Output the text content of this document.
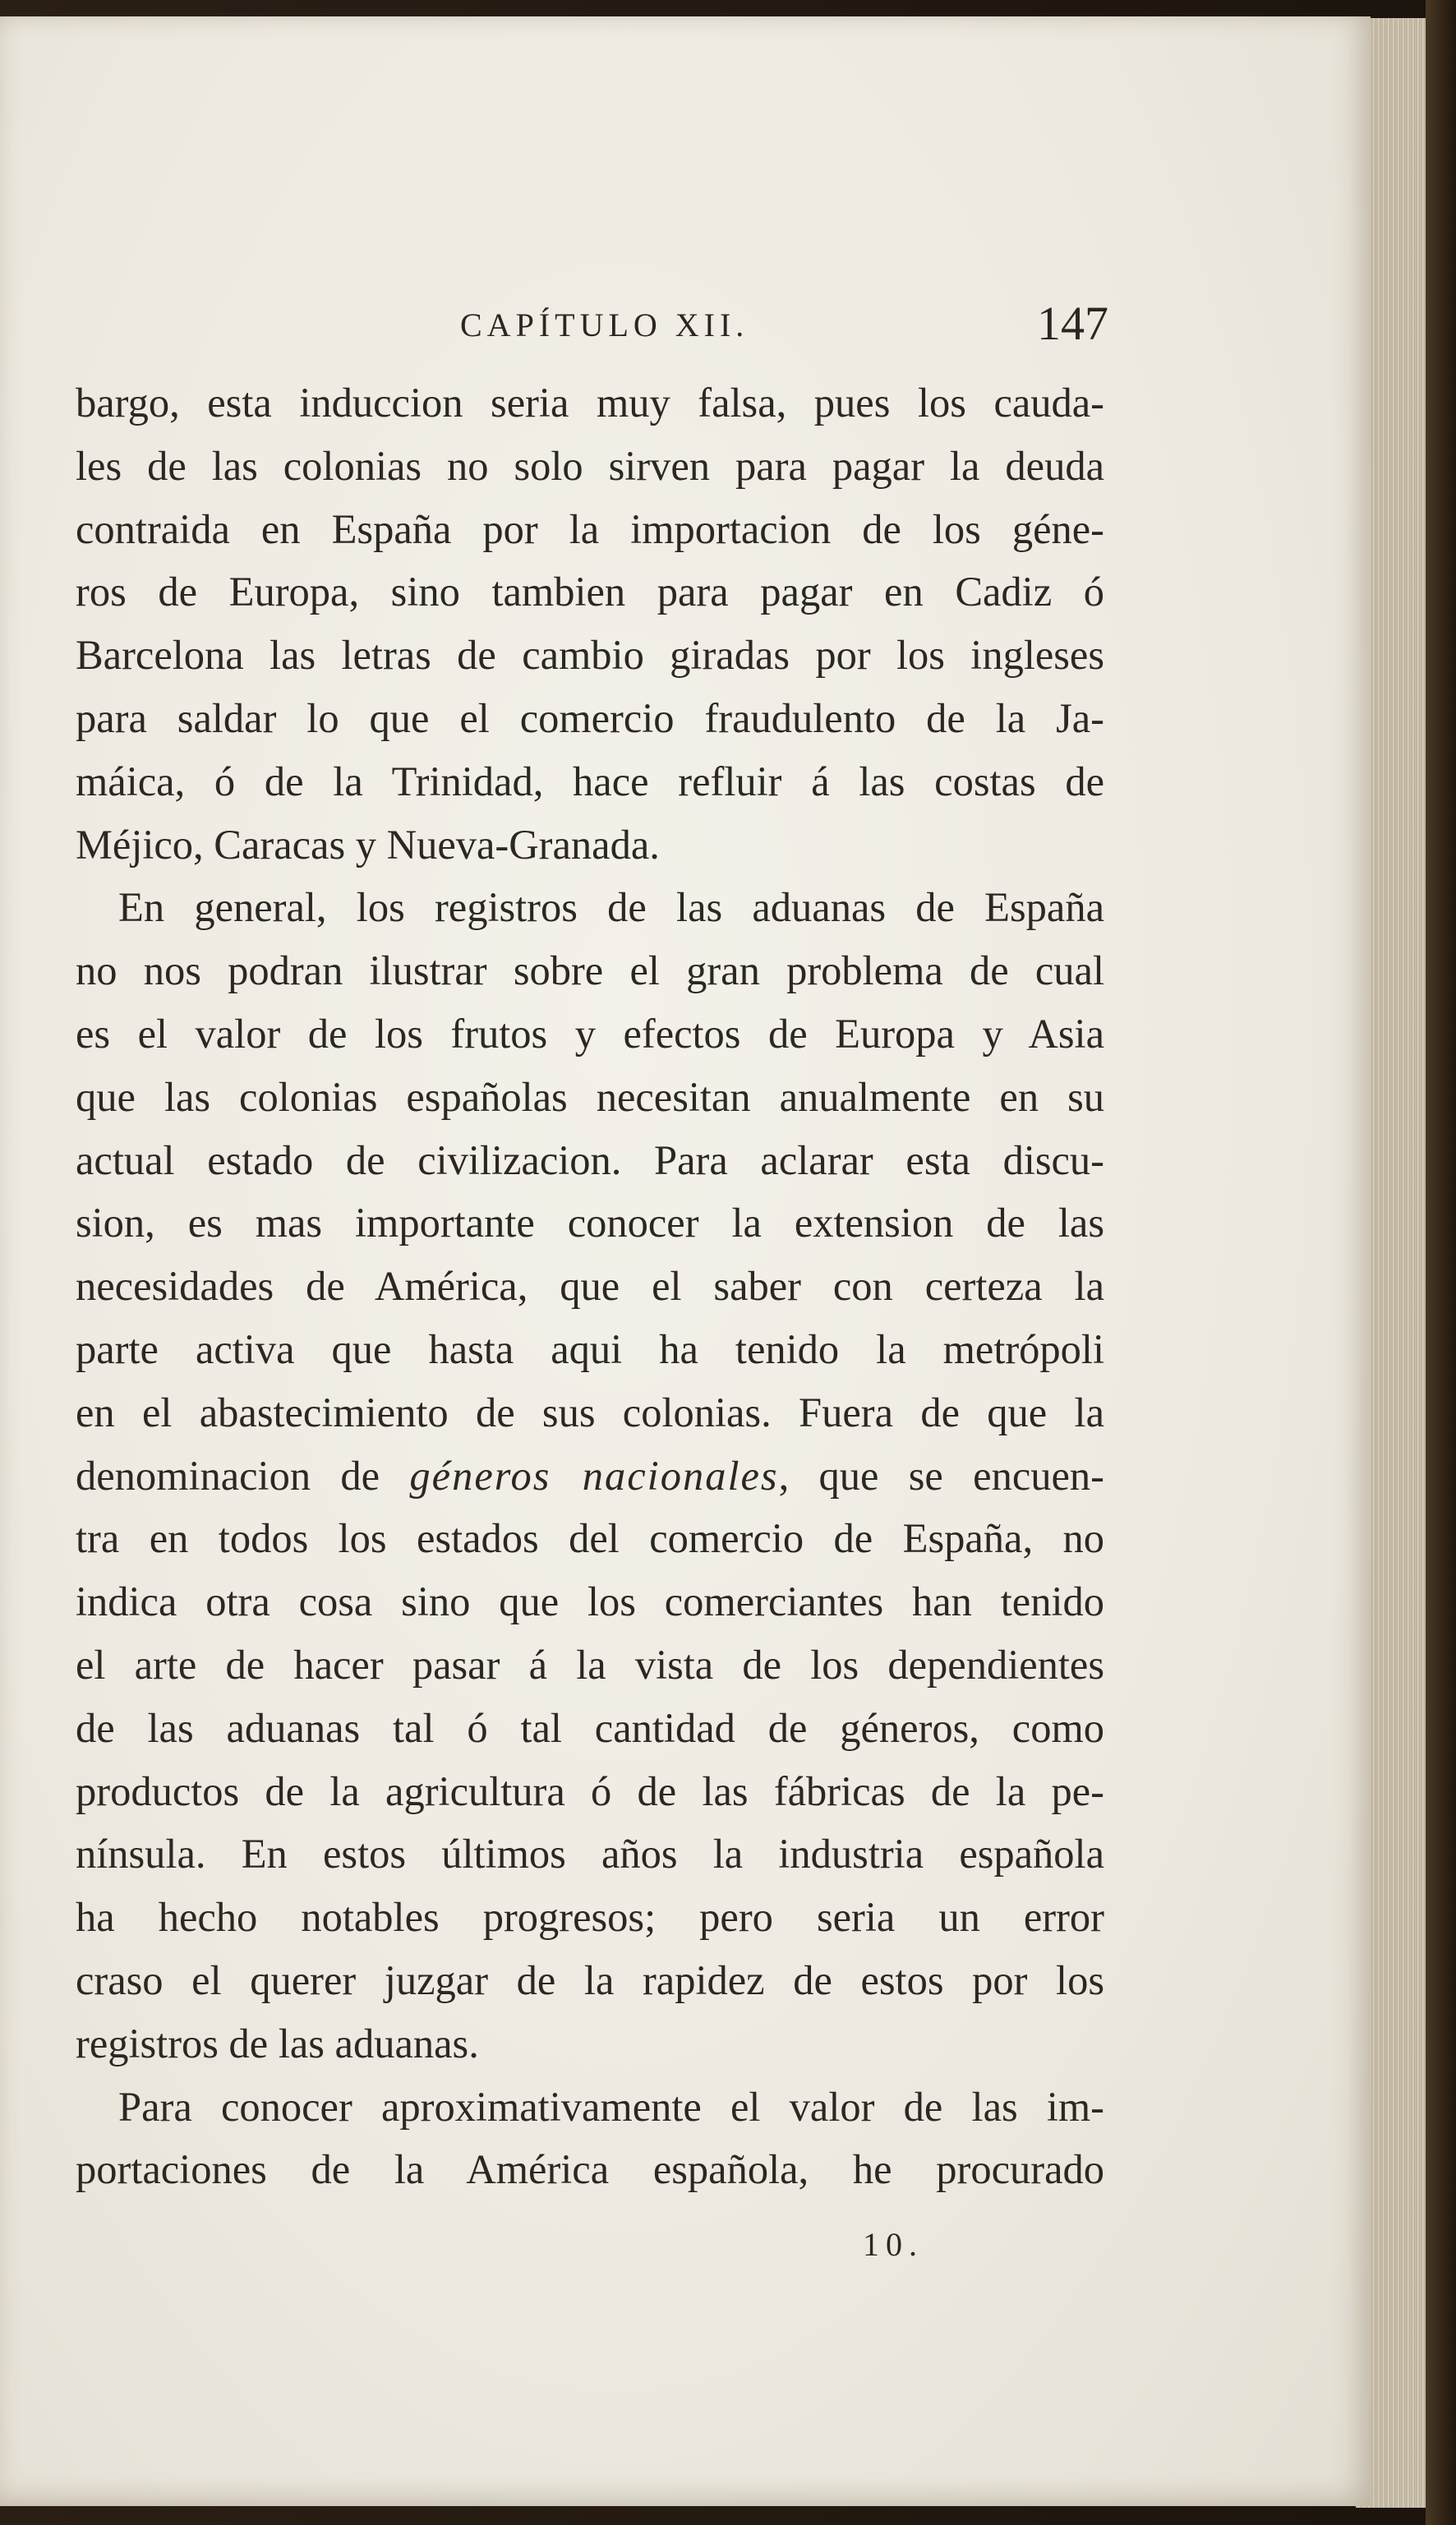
CAPÍTULO XII.	147
bargo, esta induccion seria muy falsa, pues los cauda-
les de las colonias no solo sirven para pagar la deuda
contraida en España por la importacion de los géne-
ros de Europa, sino tambien para pagar en Cadiz ó
Barcelona las letras de cambio giradas por los ingleses
para saldar lo que el comercio fraudulento de la Ja-
máica, ó de la Trinidad, hace refluir á las costas de
Méjico, Caracas y Nueva-Granada.
En general, los registros de las aduanas de España
no nos podran ilustrar sobre el gran problema de cual
es el valor de los frutos y efectos de Europa y Asia
que las colonias españolas necesitan anualmente en su
actual estado de civilizacion. Para aclarar esta discu-
sion, es mas importante conocer la extension de las
necesidades de América, que el saber con certeza la
parte activa que hasta aqui ha tenido la metrópoli
en el abastecimiento de sus colonias. Fuera de que la
denominacion de géneros nacionales, que se encuen-
tra en todos los estados del comercio de España, no
indica otra cosa sino que los comerciantes han tenido
el arte de hacer pasar á la vista de los dependientes
de las aduanas tal ó tal cantidad de géneros, como
productos de la agricultura ó de las fábricas de la pe-
nínsula. En estos últimos años la industria española
ha hecho notables progresos; pero seria un error
craso el querer juzgar de la rapidez de estos por los
registros de las aduanas.
Para conocer aproximativamente el valor de las im-
portaciones de la América española, he procurado
10.
